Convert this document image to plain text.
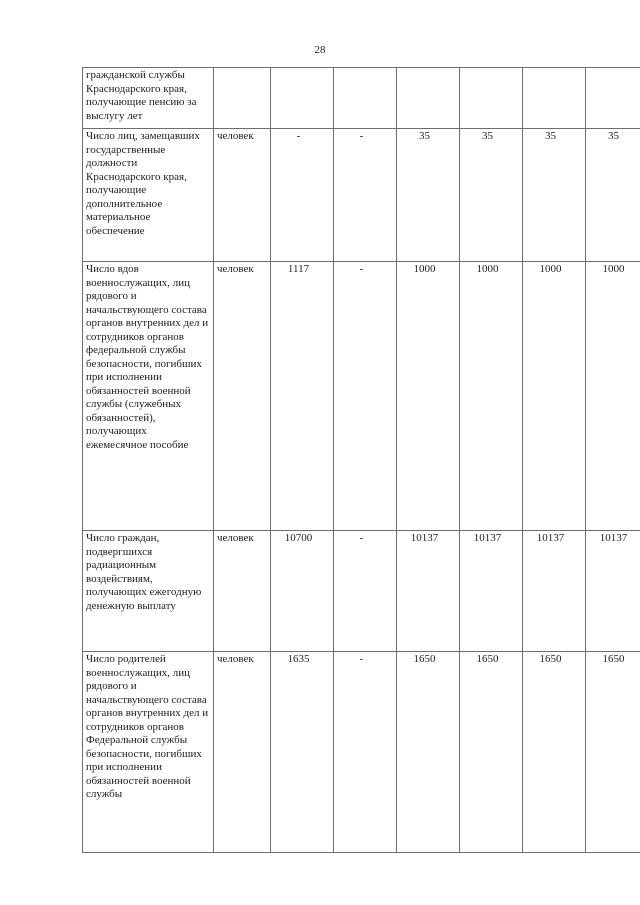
28
гражданской службы Краснодарского края, получающие пенсию за выслугу лет							
Число лиц, замещавших государственные должности Краснодарского края, получающие дополнительное материальное обеспечение	человек	-	-	35	35	35	35
Число вдов военнослужащих, лиц рядового и начальствующего состава органов внутренних дел и сотрудников органов федеральной службы безопасности, погибших при исполнении обязанностей военной службы (служебных обязанностей), получающих ежемесячное пособие	человек	1117	-	1000	1000	1000	1000
Число граждан, подвергшихся радиационным воздействиям, получающих ежегодную денежную выплату	человек	10700	-	10137	10137	10137	10137
Число родителей военнослужащих, лиц рядового и начальствующего состава органов внутренних дел и сотрудников органов Федеральной службы безопасности, погибших при исполнении обязанностей военной службы	человек	1635	-	1650	1650	1650	1650
